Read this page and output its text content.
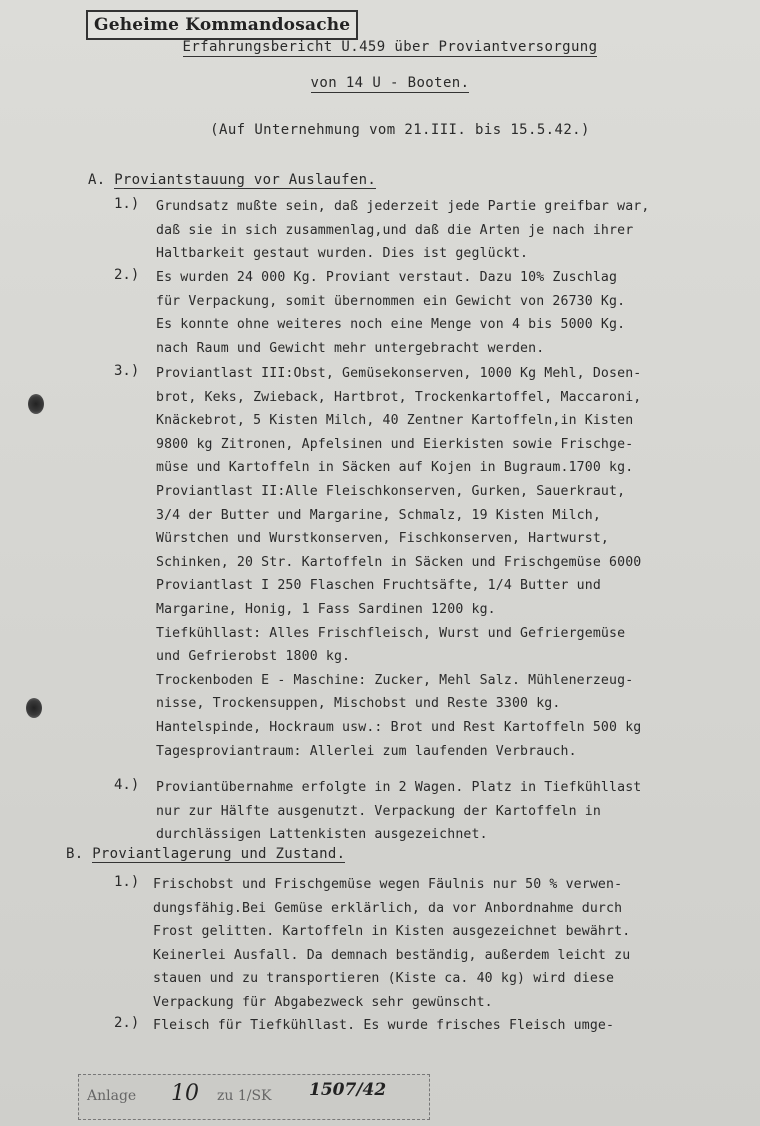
Geheime Kommandosache
Erfahrungsbericht U.459 über Proviantversorgung
von 14 U - Booten.
(Auf Unternehmung vom 21.III. bis 15.5.42.)
A. Proviantstauung vor Auslaufen.
1.) Grundsatz mußte sein, daß jederzeit jede Partie greifbar war,
daß sie in sich zusammenlag,und daß die Arten je nach ihrer
Haltbarkeit gestaut wurden. Dies ist geglückt.
2.) Es wurden 24 000 Kg. Proviant verstaut. Dazu 10% Zuschlag
für Verpackung, somit übernommen ein Gewicht von 26730 Kg.
Es konnte ohne weiteres noch eine Menge von 4 bis 5000 Kg.
nach Raum und Gewicht mehr untergebracht werden.
3.) Proviantlast III:Obst, Gemüsekonserven, 1000 Kg Mehl, Dosen-
brot, Keks, Zwieback, Hartbrot, Trockenkartoffel, Maccaroni,
Knäckebrot, 5 Kisten Milch, 40 Zentner Kartoffeln,in Kisten
9800 kg Zitronen, Apfelsinen und Eierkisten sowie Frischge-
müse und Kartoffeln in Säcken auf Kojen in Bugraum.1700 kg.
Proviantlast II:Alle Fleischkonserven, Gurken, Sauerkraut,
3/4 der Butter und Margarine, Schmalz, 19 Kisten Milch,
Würstchen und Wurstkonserven, Fischkonserven, Hartwurst,
Schinken, 20 Str. Kartoffeln in Säcken und Frischgemüse 6000
Proviantlast I 250 Flaschen Fruchtsäfte, 1/4 Butter und
Margarine, Honig, 1 Fass Sardinen 1200 kg.
Tiefkühllast: Alles Frischfleisch, Wurst und Gefriergemüse
und Gefrierobst 1800 kg.
Trockenboden E - Maschine: Zucker, Mehl Salz. Mühlenerzeug-
nisse, Trockensuppen, Mischobst und Reste 3300 kg.
Hantelspinde, Hockraum usw.: Brot und Rest Kartoffeln 500 kg
Tagesproviantraum: Allerlei zum laufenden Verbrauch.
4.) Proviantübernahme erfolgte in 2 Wagen. Platz in Tiefkühllast
nur zur Hälfte ausgenutzt. Verpackung der Kartoffeln in
durchlässigen Lattenkisten ausgezeichnet.
B. Proviantlagerung und Zustand.
1.) Frischobst und Frischgemüse wegen Fäulnis nur 50 % verwen-
dungsfähig.Bei Gemüse erklärlich, da vor Anbordnahme durch
Frost gelitten. Kartoffeln in Kisten ausgezeichnet bewährt.
Keinerlei Ausfall. Da demnach beständig, außerdem leicht zu
stauen und zu transportieren (Kiste ca. 40 kg) wird diese
Verpackung für Abgabezweck sehr gewünscht.
2.) Fleisch für Tiefkühllast. Es wurde frisches Fleisch umge-
Anlage 10 zu 1/SK 1507/42
